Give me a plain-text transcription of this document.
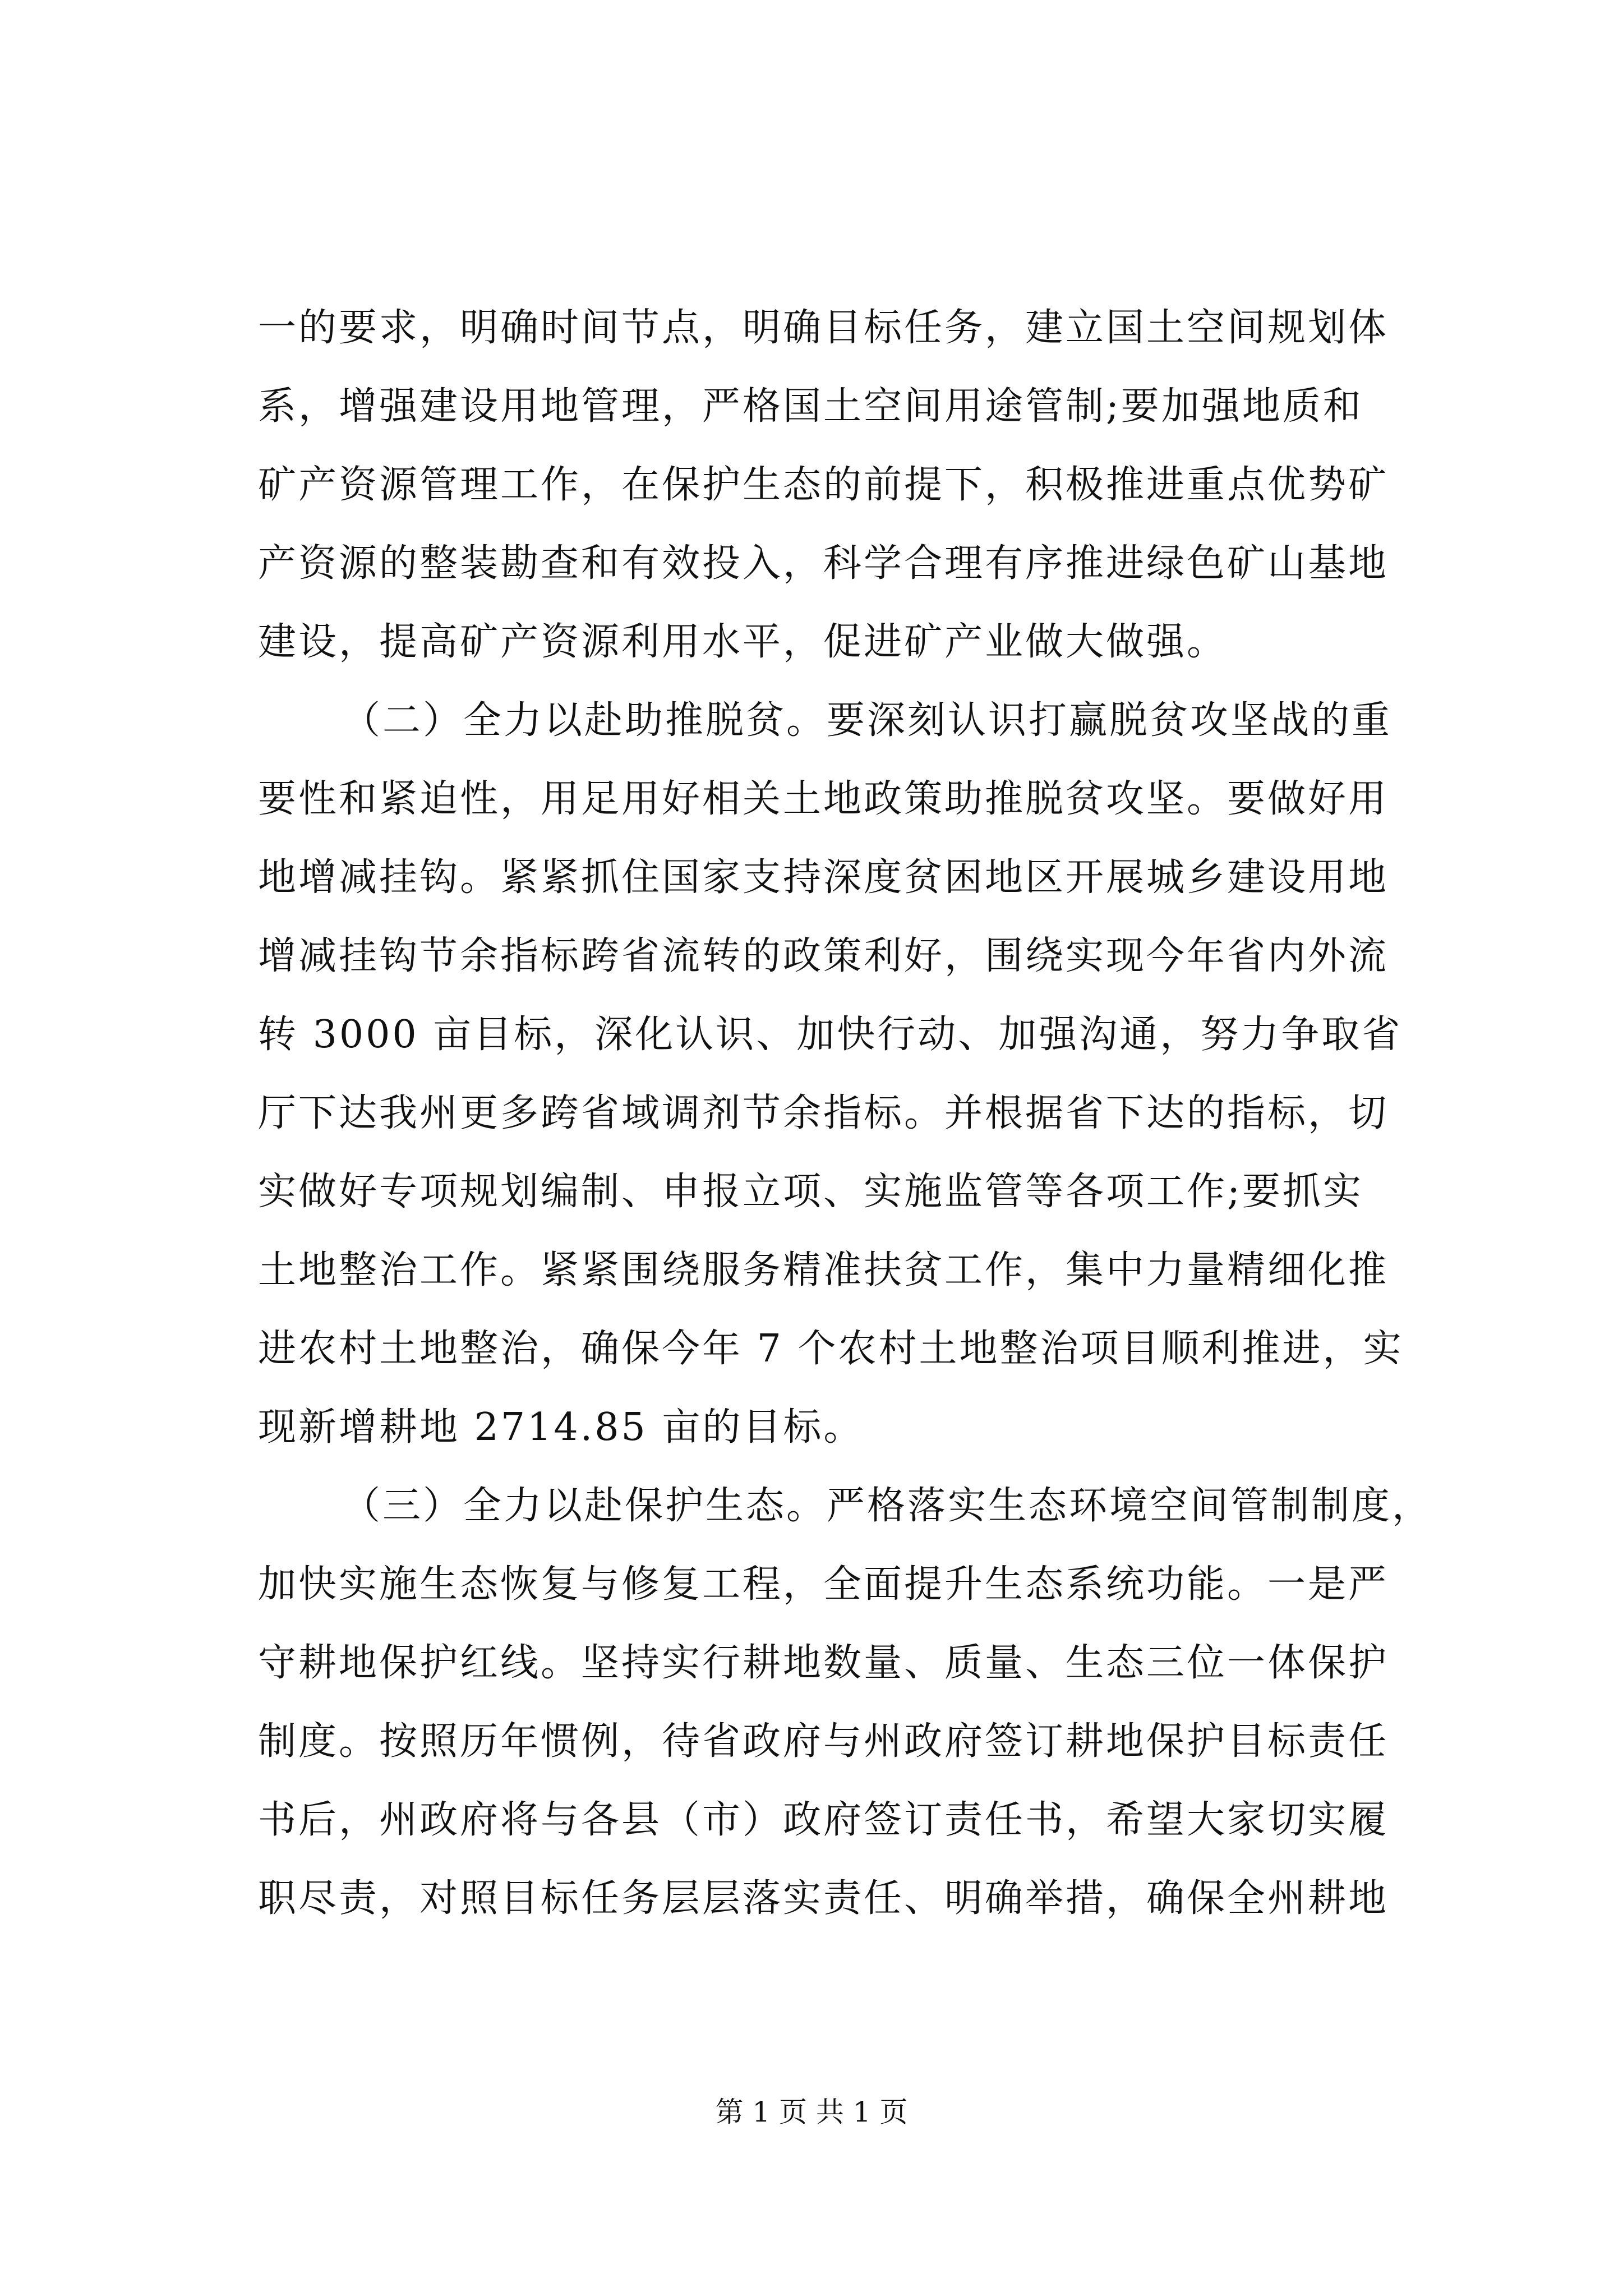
一的要求，明确时间节点，明确目标任务，建立国土空间规划体
系，增强建设用地管理，严格国土空间用途管制;要加强地质和
矿产资源管理工作，在保护生态的前提下，积极推进重点优势矿
产资源的整装勘查和有效投入，科学合理有序推进绿色矿山基地
建设，提高矿产资源利用水平，促进矿产业做大做强。
（二）全力以赴助推脱贫。要深刻认识打赢脱贫攻坚战的重
要性和紧迫性，用足用好相关土地政策助推脱贫攻坚。要做好用
地增减挂钩。紧紧抓住国家支持深度贫困地区开展城乡建设用地
增减挂钩节余指标跨省流转的政策利好，围绕实现今年省内外流
转 3000 亩目标，深化认识、加快行动、加强沟通，努力争取省
厅下达我州更多跨省域调剂节余指标。并根据省下达的指标，切
实做好专项规划编制、申报立项、实施监管等各项工作;要抓实
土地整治工作。紧紧围绕服务精准扶贫工作，集中力量精细化推
进农村土地整治，确保今年 7 个农村土地整治项目顺利推进，实
现新增耕地 2714.85 亩的目标。
（三）全力以赴保护生态。严格落实生态环境空间管制制度，
加快实施生态恢复与修复工程，全面提升生态系统功能。一是严
守耕地保护红线。坚持实行耕地数量、质量、生态三位一体保护
制度。按照历年惯例，待省政府与州政府签订耕地保护目标责任
书后，州政府将与各县（市）政府签订责任书，希望大家切实履
职尽责，对照目标任务层层落实责任、明确举措，确保全州耕地
第 1 页 共 1 页
